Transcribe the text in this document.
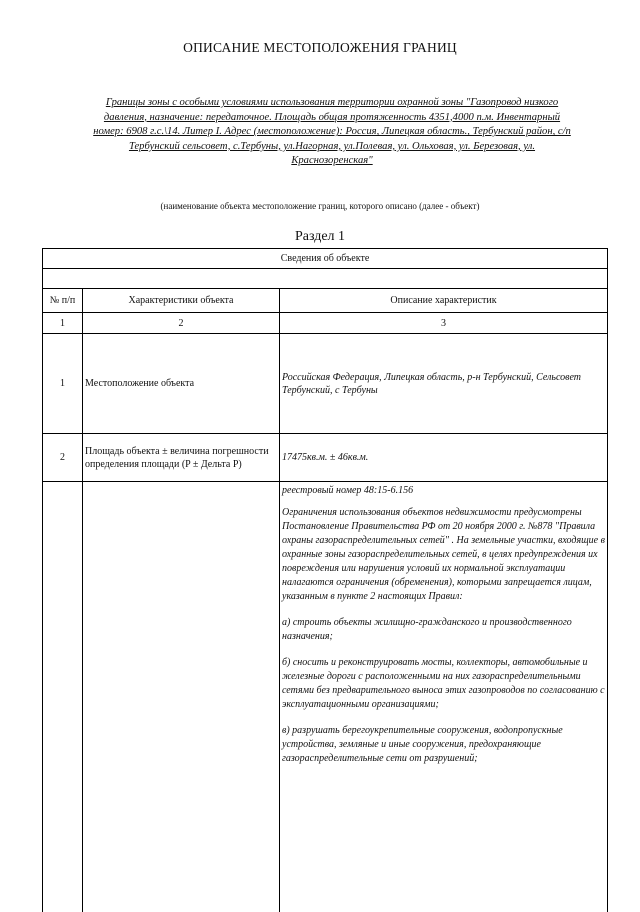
ОПИСАНИЕ МЕСТОПОЛОЖЕНИЯ ГРАНИЦ
Границы зоны с особыми условиями использования территории охранной зоны "Газопровод низкого
давления, назначение: передаточное. Площадь общая протяженность 4351,4000 п.м. Инвентарный
номер: 6908 г.с.\14. Литер I. Адрес (местоположение): Россия, Липецкая область., Тербунский район, с/п
Тербунский сельсовет, с.Тербуны, ул.Нагорная, ул.Полевая, ул. Ольховая, ул. Березовая, ул.
Краснозоренская"
(наименование объекта местоположение границ, которого описано (далее - объект)
Раздел 1
Сведения об объекте		

№ п/п	Характеристики объекта	Описание характеристик
1	2	3
1	Местоположение объекта	Российская Федерация, Липецкая область, р-н Тербунский, Сельсовет Тербунский, с Тербуны
2	Площадь объекта ± величина погрешности определения площади (P ± Дельта P)	17475кв.м. ± 46кв.м.

		реестровый номер 48:15-6.156

Ограничения использования объектов недвижимости предусмотрены Постановление Правительства РФ от 20 ноября 2000 г. №878 "Правила охраны газораспределительных сетей" . На земельные участки, входящие в охранные зоны газораспределительных сетей, в целях предупреждения их повреждения или нарушения условий их нормальной эксплуатации налагаются ограничения (обременения), которыми запрещается лицам, указанным в пункте 2 настоящих Правил:

а) строить объекты жилищно-гражданского и производственного назначения;

б) сносить и реконструировать мосты, коллекторы, автомобильные и железные дороги с расположенными на них газораспределительными сетями без предварительного выноса этих газопроводов по согласованию с эксплуатационными организациями;

в) разрушать берегоукрепительные сооружения, водопропускные устройства, земляные и иные сооружения, предохраняющие газораспределительные сети от разрушений;
